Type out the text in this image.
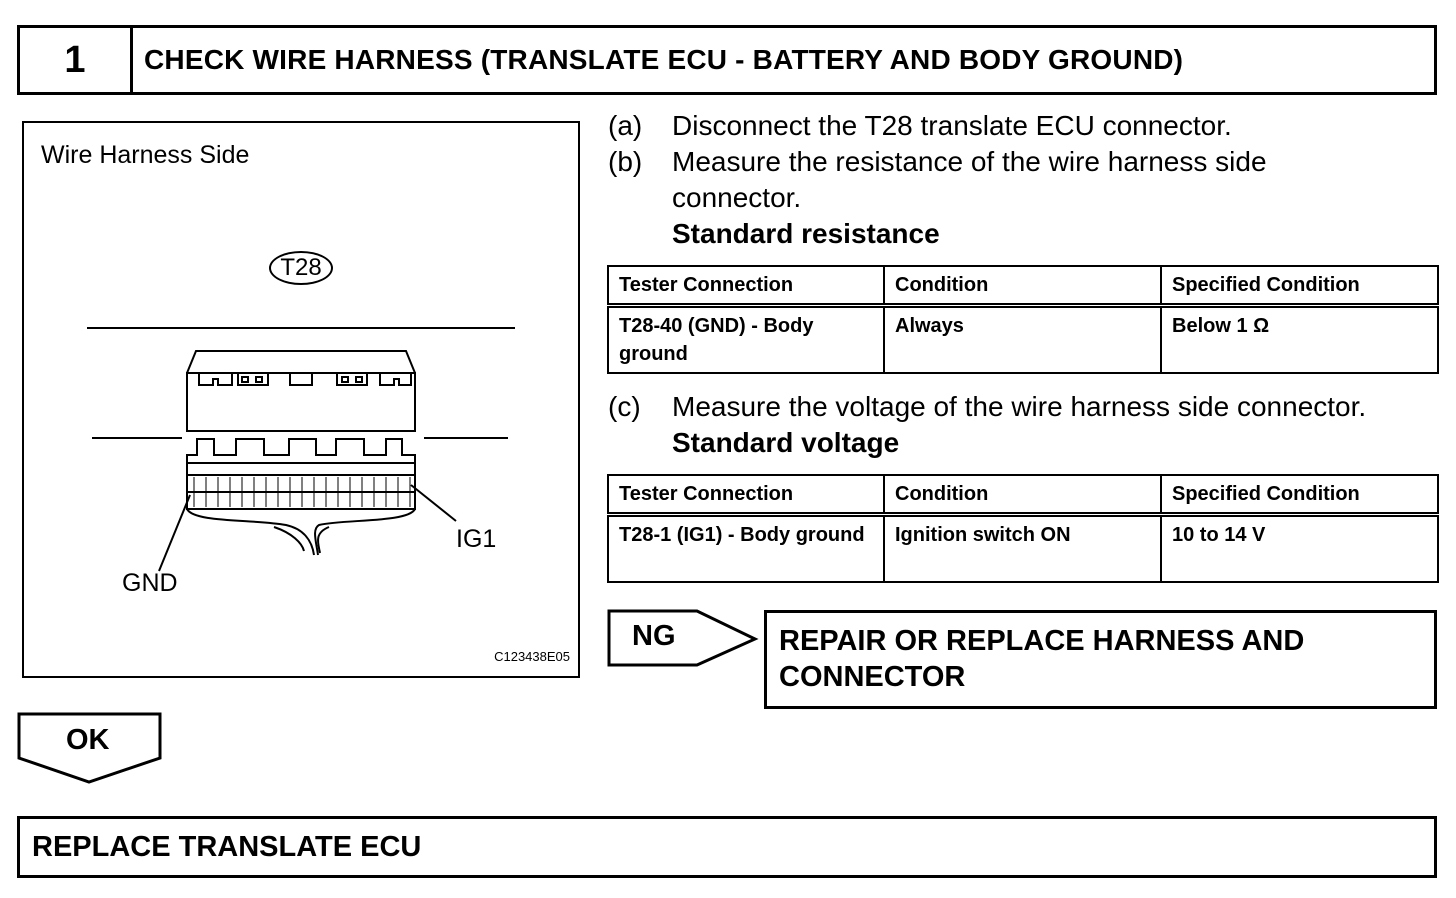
1	CHECK WIRE HARNESS (TRANSLATE ECU - BATTERY AND BODY GROUND)
Wire Harness Side
T28
GND
IG1
C123438E05
(a) Disconnect the T28 translate ECU connector.
(b) Measure the resistance of the wire harness side
connector.
Standard resistance
Tester Connection	Condition	Specified Condition
T28-40 (GND) - Body ground	Always	Below 1 Ω
(c) Measure the voltage of the wire harness side connector.
Standard voltage
Tester Connection	Condition	Specified Condition
T28-1 (IG1) - Body ground	Ignition switch ON	10 to 14 V
NG	REPAIR OR REPLACE HARNESS AND CONNECTOR
OK
REPLACE TRANSLATE ECU
